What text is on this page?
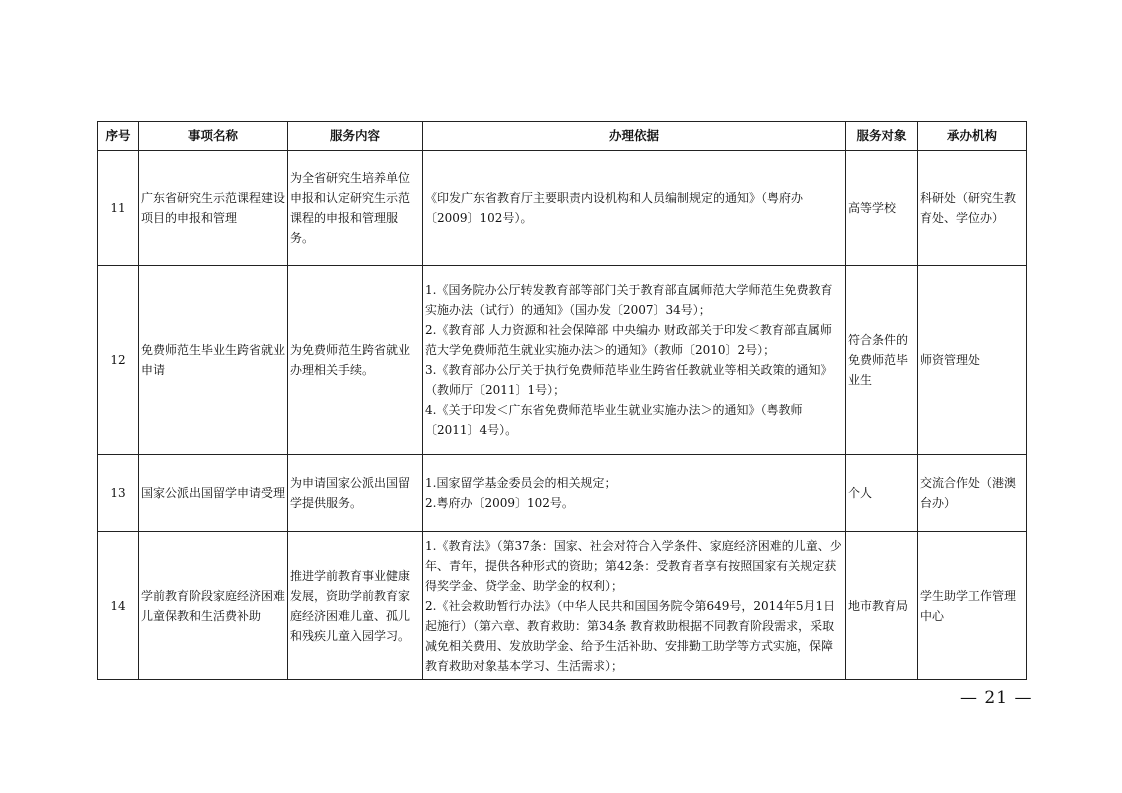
序号	事项名称	服务内容	办理依据	服务对象	承办机构
11	广东省研究生示范课程建设项目的申报和管理	为全省研究生培养单位申报和认定研究生示范课程的申报和管理服务。	《印发广东省教育厅主要职责内设机构和人员编制规定的通知》（粤府办〔2009〕102号）。	高等学校	科研处（研究生教育处、学位办）
12	免费师范生毕业生跨省就业申请	为免费师范生跨省就业办理相关手续。	1.《国务院办公厅转发教育部等部门关于教育部直属师范大学师范生免费教育实施办法（试行）的通知》（国办发〔2007〕34号）；
2.《教育部 人力资源和社会保障部 中央编办 财政部关于印发＜教育部直属师范大学免费师范生就业实施办法＞的通知》（教师〔2010〕2号）；
3.《教育部办公厅关于执行免费师范毕业生跨省任教就业等相关政策的通知》（教师厅〔2011〕1号）；
4.《关于印发＜广东省免费师范毕业生就业实施办法＞的通知》（粤教师〔2011〕4号）。	符合条件的免费师范毕业生	师资管理处
13	国家公派出国留学申请受理	为申请国家公派出国留学提供服务。	1.国家留学基金委员会的相关规定；
2.粤府办〔2009〕102号。	个人	交流合作处（港澳台办）
14	学前教育阶段家庭经济困难儿童保教和生活费补助	推进学前教育事业健康发展，资助学前教育家庭经济困难儿童、孤儿和残疾儿童入园学习。	1.《教育法》（第37条：国家、社会对符合入学条件、家庭经济困难的儿童、少年、青年，提供各种形式的资助；第42条：受教育者享有按照国家有关规定获得奖学金、贷学金、助学金的权利）；
2.《社会救助暂行办法》（中华人民共和国国务院令第649号，2014年5月1日起施行）（第六章、教育救助：第34条 教育救助根据不同教育阶段需求，采取减免相关费用、发放助学金、给予生活补助、安排勤工助学等方式实施，保障教育救助对象基本学习、生活需求）；	地市教育局	学生助学工作管理中心
— 21 —
